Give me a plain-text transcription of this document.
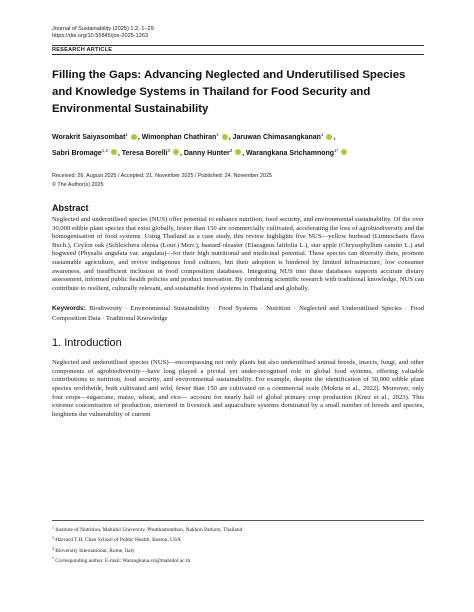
Journal of Sustainability (2025) 1:2, 1–29
https://doi.org/10.55845/jos-2025-1263
RESEARCH ARTICLE
Filling the Gaps: Advancing Neglected and Underutilised Species and Knowledge Systems in Thailand for Food Security and Environmental Sustainability
Worakrit Saiyasombat$^1$ , Wimonphan Chathiran$^1$ , Jaruwan Chimasangkanan$^1$ ,
Sabri Bromage$^{1,2}$ , Teresa Borelli$^3$ , Danny Hunter$^3$ , Warangkana Srichamnong$^{1*}$
Received: 26. August 2025 / Accepted: 21. November 2025 / Published: 24. November 2025
© The Author(s) 2025
Abstract
Neglected and underutilised species (NUS) offer potential to enhance nutrition, food security, and environmental sustainability. Of the over 30,000 edible plant species that exist globally, fewer than 150 are commercially cultivated, accelerating the loss of agrobiodiversity and the homogenisation of food systems. Using Thailand as a case study, this review highlights five NUS—yellow burhead (Limnocharis flava Buch.), Ceylon oak (Schleichera oleosa (Lour.) Merr.), bastard oleaster (Elaeagnus latifolia L.), star apple (Chrysophyllum cainito L.) and hogweed (Physalis angulata var. angulata)—for their high nutritional and medicinal potential. These species can diversify diets, promote sustainable agriculture, and revive indigenous food cultures, but their adoption is hindered by limited infrastructure, low consumer awareness, and insufficient inclusion in food composition databases. Integrating NUS into these databases supports accurate dietary assessment, informed public health policies and product innovation. By combining scientific research with traditional knowledge, NUS can contribute to resilient, culturally relevant, and sustainable food systems in Thailand and globally.
Keywords: Biodiversity · Environmental Sustainability · Food Systems · Nutrition · Neglected and Underutilised Species · Food Composition Data · Traditional Knowledge
1. Introduction
Neglected and underutilised species (NUS)—encompassing not only plants but also underutilised animal breeds, insects, fungi, and other components of agrobiodiversity—have long played a pivotal yet under-recognised role in global food systems, offering valuable contributions to nutrition, food security, and environmental sustainability. For example, despite the identification of 30,000 edible plant species worldwide, both cultivated and wild, fewer than 150 are cultivated on a commercial scale (Mokria et al., 2022). Moreover, only four crops—sugarcane, maize, wheat, and rice— account for nearly half of global primary crop production (Knez et al., 2023). This extreme concentration of production, mirrored in livestock and aquaculture systems dominated by a small number of breeds and species, heightens the vulnerability of current
$^1$ Institute of Nutrition, Mahidol University, Phutthamonthon, Nakhon Pathom, Thailand
$^2$ Harvard T.H. Chan School of Public Health, Boston, USA
$^3$ Bioversity International, Rome, Italy
* Corresponding author, E-mail: Warangkana.sri@mahidol.ac.th
